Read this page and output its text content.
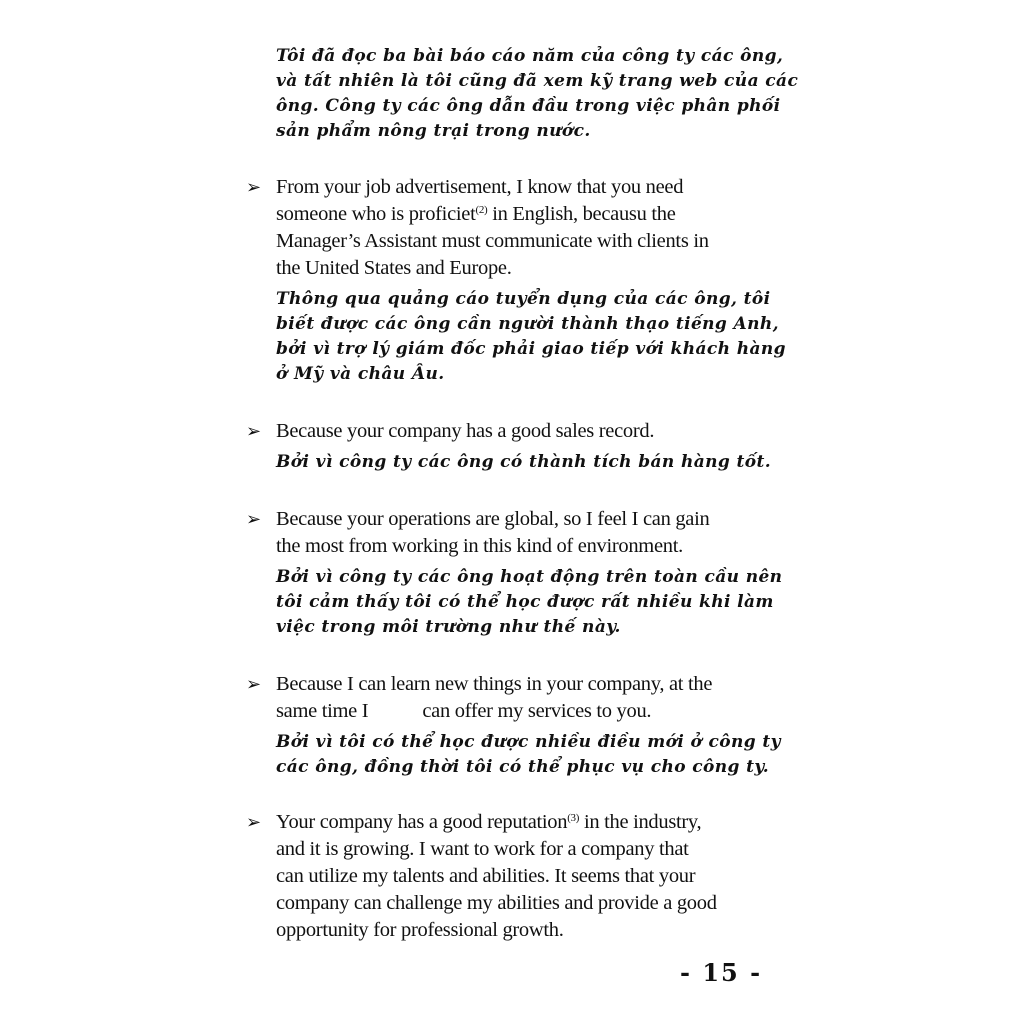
Tôi đã đọc ba bài báo cáo năm của công ty các ông,
và tất nhiên là tôi cũng đã xem kỹ trang web của các
ông. Công ty các ông dẫn đầu trong việc phân phối
sản phẩm nông trại trong nước.
➢ From your job advertisement, I know that you need
someone who is proficiet$^{(2)}$ in English, becausu the
Manager’s Assistant must communicate with clients in
the United States and Europe.
Thông qua quảng cáo tuyển dụng của các ông, tôi
biết được các ông cần người thành thạo tiếng Anh,
bởi vì trợ lý giám đốc phải giao tiếp với khách hàng
ở Mỹ và châu Âu.
➢ Because your company has a good sales record.
Bởi vì công ty các ông có thành tích bán hàng tốt.
➢ Because your operations are global, so I feel I can gain
the most from working in this kind of environment.
Bởi vì công ty các ông hoạt động trên toàn cầu nên
tôi cảm thấy tôi có thể học được rất nhiều khi làm
việc trong môi trường như thế này.
➢ Because I can learn new things in your company, at the
same time I	can offer my services to you.
Bởi vì tôi có thể học được nhiều điều mới ở công ty
các ông, đồng thời tôi có thể phục vụ cho công ty.
➢ Your company has a good reputation$^{(3)}$ in the industry,
and it is growing. I want to work for a company that
can utilize my talents and abilities. It seems that your
company can challenge my abilities and provide a good
opportunity for professional growth.
- 15 -
